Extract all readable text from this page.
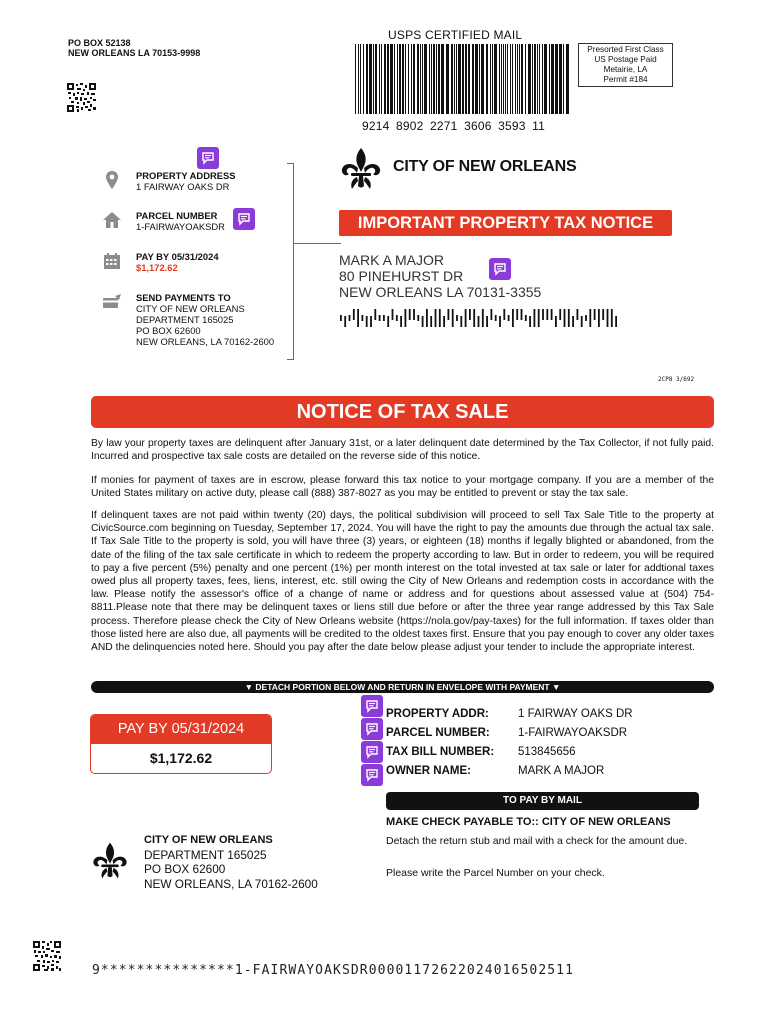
PO BOX 52138
NEW ORLEANS LA 70153-9998
USPS CERTIFIED MAIL
9214 8902 2271 3606 3593 11
Presorted First Class
US Postage Paid
Metairie, LA
Permit #184
PROPERTY ADDRESS
1 FAIRWAY OAKS DR
PARCEL NUMBER
1-FAIRWAYOAKSDR
PAY BY 05/31/2024
$1,172.62
SEND PAYMENTS TO
CITY OF NEW ORLEANS
DEPARTMENT 165025
PO BOX 62600
NEW ORLEANS, LA 70162-2600
CITY OF NEW ORLEANS
IMPORTANT PROPERTY TAX NOTICE
MARK A MAJOR
80 PINEHURST DR
NEW ORLEANS LA 70131-3355
2CP8 3/692
NOTICE OF TAX SALE
By law your property taxes are delinquent after January 31st, or a later delinquent date determined by the Tax Collector, if not fully paid. Incurred and prospective tax sale costs are detailed on the reverse side of this notice.
If monies for payment of taxes are in escrow, please forward this tax notice to your mortgage company. If you are a member of the United States military on active duty, please call (888) 387-8027 as you may be entitled to prevent or stay the tax sale.
If delinquent taxes are not paid within twenty (20) days, the political subdivision will proceed to sell Tax Sale Title to the property at CivicSource.com beginning on Tuesday, September 17, 2024. You will have the right to pay the amounts due through the actual tax sale. If Tax Sale Title to the property is sold, you will have three (3) years, or eighteen (18) months if legally blighted or abandoned, from the date of the filing of the tax sale certificate in which to redeem the property according to law. But in order to redeem, you will be required to pay a five percent (5%) penalty and one percent (1%) per month interest on the total invested at tax sale or later for addtional taxes owed plus all property taxes, fees, liens, interest, etc. still owing the City of New Orleans and redemption costs in accordance with the law. Please notify the assessor's office of a change of name or address and for questions about assessed value at (504) 754-8811.Please note that there may be delinquent taxes or liens still due before or after the three year range addressed by this Tax Sale process. Therefore please check the City of New Orleans website (https://nola.gov/pay-taxes) for the full information. If taxes older than those listed here are also due, all payments will be credited to the oldest taxes first. Ensure that you pay enough to cover any older taxes AND the delinquencies noted here. Should you pay after the date below please adjust your tender to include the appropriate interest.
▼ DETACH PORTION BELOW AND RETURN IN ENVELOPE WITH PAYMENT ▼
PAY BY 05/31/2024
$1,172.62
PROPERTY ADDR:	1 FAIRWAY OAKS DR
PARCEL NUMBER: 1-FAIRWAYOAKSDR
TAX BILL NUMBER: 513845656
OWNER NAME:	MARK A MAJOR
TO PAY BY MAIL
MAKE CHECK PAYABLE TO:: CITY OF NEW ORLEANS
Detach the return stub and mail with a check for the amount due.
Please write the Parcel Number on your check.
CITY OF NEW ORLEANS
DEPARTMENT 165025
PO BOX 62600
NEW ORLEANS, LA 70162-2600
9***************1-FAIRWAYOAKSDR00001172622024016502511
